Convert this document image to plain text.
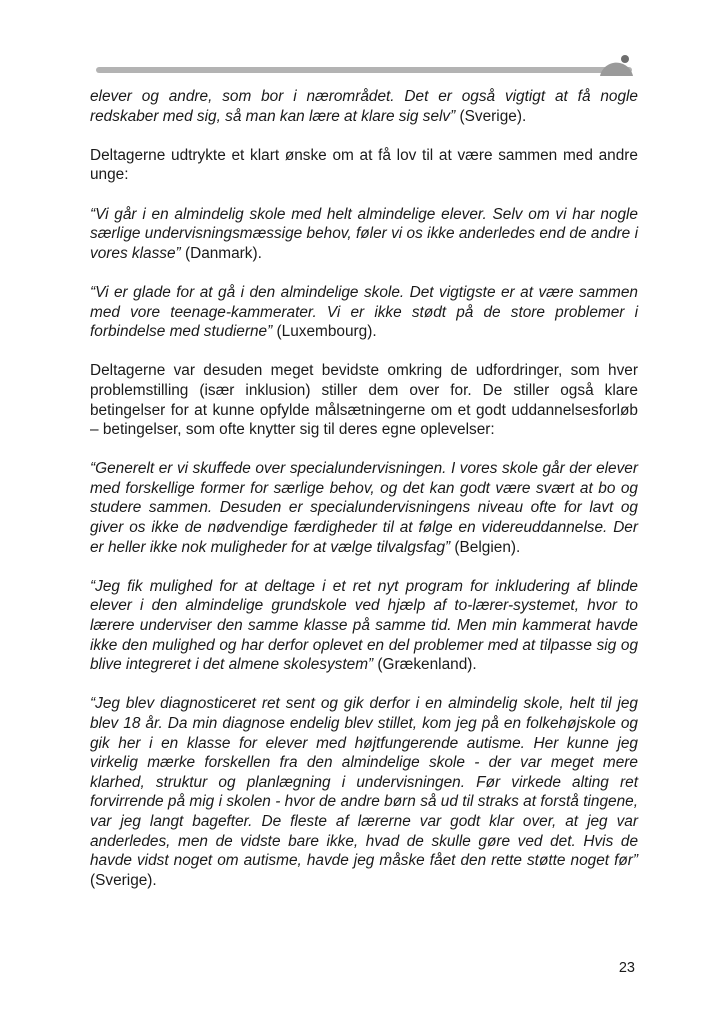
elever og andre, som bor i nærområdet. Det er også vigtigt at få nogle redskaber med sig, så man kan lære at klare sig selv” (Sverige).

Deltagerne udtrykte et klart ønske om at få lov til at være sammen med andre unge:

“Vi går i en almindelig skole med helt almindelige elever. Selv om vi har nogle særlige undervisningsmæssige behov, føler vi os ikke anderledes end de andre i vores klasse” (Danmark).

“Vi er glade for at gå i den almindelige skole. Det vigtigste er at være sammen med vore teenage-kammerater. Vi er ikke stødt på de store problemer i forbindelse med studierne” (Luxembourg).

Deltagerne var desuden meget bevidste omkring de udfordringer, som hver problemstilling (især inklusion) stiller dem over for. De stiller også klare betingelser for at kunne opfylde målsætningerne om et godt uddannelsesforløb – betingelser, som ofte knytter sig til deres egne oplevelser:

“Generelt er vi skuffede over specialundervisningen. I vores skole går der elever med forskellige former for særlige behov, og det kan godt være svært at bo og studere sammen. Desuden er specialundervisningens niveau ofte for lavt og giver os ikke de nødvendige færdigheder til at følge en videreuddannelse. Der er heller ikke nok muligheder for at vælge tilvalgsfag” (Belgien).

“Jeg fik mulighed for at deltage i et ret nyt program for inkludering af blinde elever i den almindelige grundskole ved hjælp af to-lærer-systemet, hvor to lærere underviser den samme klasse på samme tid. Men min kammerat havde ikke den mulighed og har derfor oplevet en del problemer med at tilpasse sig og blive integreret i det almene skolesystem” (Grækenland).

“Jeg blev diagnosticeret ret sent og gik derfor i en almindelig skole, helt til jeg blev 18 år. Da min diagnose endelig blev stillet, kom jeg på en folkehøjskole og gik her i en klasse for elever med højtfungerende autisme. Her kunne jeg virkelig mærke forskellen fra den almindelige skole - der var meget mere klarhed, struktur og planlægning i undervisningen. Før virkede alting ret forvirrende på mig i skolen - hvor de andre børn så ud til straks at forstå tingene, var jeg langt bagefter. De fleste af lærerne var godt klar over, at jeg var anderledes, men de vidste bare ikke, hvad de skulle gøre ved det. Hvis de havde vidst noget om autisme, havde jeg måske fået den rette støtte noget før” (Sverige).

23
